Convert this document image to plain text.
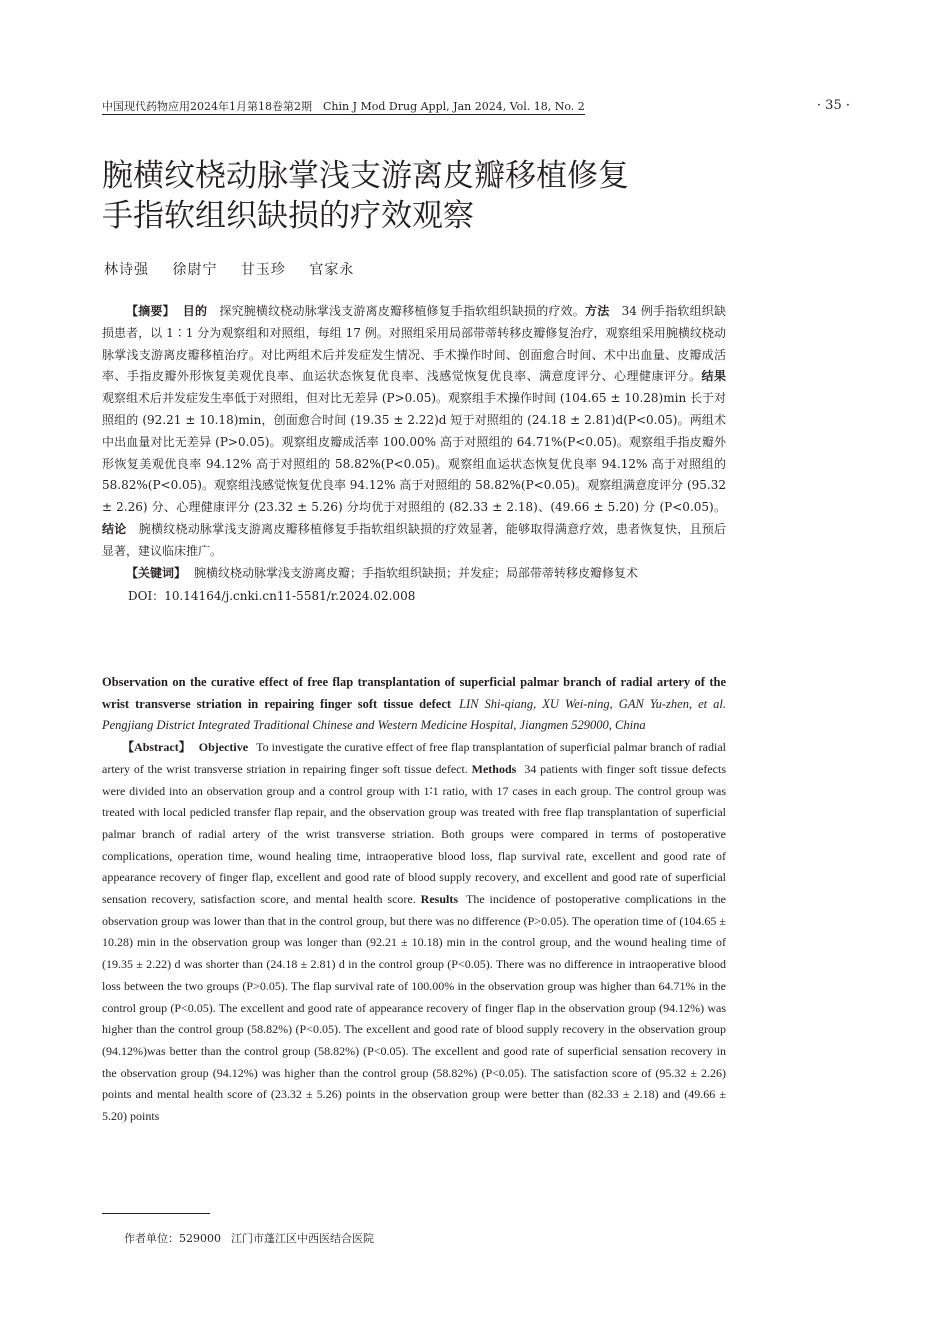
中国现代药物应用2024年1月第18卷第2期　Chin J Mod Drug Appl, Jan 2024, Vol. 18, No. 2	· 35 ·
腕横纹桡动脉掌浅支游离皮瓣移植修复
手指软组织缺损的疗效观察
林诗强 徐尉宁 甘玉珍 官家永

【摘要】 目的　 探究腕横纹桡动脉掌浅支游离皮瓣移植修复手指软组织缺损的疗效。方法　 34 例手指软组织缺损患者，以 1∶1 分为观察组和对照组，每组 17 例。对照组采用局部带蒂转移皮瓣修复治疗，观察组采用腕横纹桡动脉掌浅支游离皮瓣移植治疗。对比两组术后并发症发生情况、手术操作时间、创面愈合时间、术中出血量、皮瓣成活率、手指皮瓣外形恢复美观优良率、血运状态恢复优良率、浅感觉恢复优良率、满意度评分、心理健康评分。结果　观察组术后并发症发生率低于对照组，但对比无差异 (P>0.05)。观察组手术操作时间 (104.65 ± 10.28)min 长于对照组的 (92.21 ± 10.18)min，创面愈合时间 (19.35 ± 2.22)d 短于对照组的 (24.18 ± 2.81)d(P<0.05)。两组术中出血量对比无差异 (P>0.05)。观察组皮瓣成活率 100.00% 高于对照组的 64.71%(P<0.05)。观察组手指皮瓣外形恢复美观优良率 94.12% 高于对照组的 58.82%(P<0.05)。观察组血运状态恢复优良率 94.12% 高于对照组的 58.82%(P<0.05)。观察组浅感觉恢复优良率 94.12% 高于对照组的 58.82%(P<0.05)。观察组满意度评分 (95.32 ± 2.26) 分、心理健康评分 (23.32 ± 5.26) 分均优于对照组的 (82.33 ± 2.18)、(49.66 ± 5.20) 分 (P<0.05)。结论　 腕横纹桡动脉掌浅支游离皮瓣移植修复手指软组织缺损的疗效显著，能够取得满意疗效，患者恢复快，且预后显著，建议临床推广。

【关键词】 腕横纹桡动脉掌浅支游离皮瓣；手指软组织缺损；并发症；局部带蒂转移皮瓣修复术

DOI：10.14164/j.cnki.cn11-5581/r.2024.02.008

Observation on the curative effect of free flap transplantation of superficial palmar branch of radial artery of the wrist transverse striation in repairing finger soft tissue defect LIN Shi-qiang, XU Wei-ning, GAN Yu-zhen, et al. Pengjiang District Integrated Traditional Chinese and Western Medicine Hospital, Jiangmen 529000, China

【Abstract】 Objective To investigate the curative effect of free flap transplantation of superficial palmar branch of radial artery of the wrist transverse striation in repairing finger soft tissue defect. Methods 34 patients with finger soft tissue defects were divided into an observation group and a control group with 1∶1 ratio, with 17 cases in each group. The control group was treated with local pedicled transfer flap repair, and the observation group was treated with free flap transplantation of superficial palmar branch of radial artery of the wrist transverse striation. Both groups were compared in terms of postoperative complications, operation time, wound healing time, intraoperative blood loss, flap survival rate, excellent and good rate of appearance recovery of finger flap, excellent and good rate of blood supply recovery, and excellent and good rate of superficial sensation recovery, satisfaction score, and mental health score. Results The incidence of postoperative complications in the observation group was lower than that in the control group, but there was no difference (P>0.05). The operation time of (104.65 ± 10.28) min in the observation group was longer than (92.21 ± 10.18) min in the control group, and the wound healing time of (19.35 ± 2.22) d was shorter than (24.18 ± 2.81) d in the control group (P<0.05). There was no difference in intraoperative blood loss between the two groups (P>0.05). The flap survival rate of 100.00% in the observation group was higher than 64.71% in the control group (P<0.05). The excellent and good rate of appearance recovery of finger flap in the observation group (94.12%) was higher than the control group (58.82%) (P<0.05). The excellent and good rate of blood supply recovery in the observation group (94.12%)was better than the control group (58.82%) (P<0.05). The excellent and good rate of superficial sensation recovery in the observation group (94.12%) was higher than the control group (58.82%) (P<0.05). The satisfaction score of (95.32 ± 2.26) points and mental health score of (23.32 ± 5.26) points in the observation group were better than (82.33 ± 2.18) and (49.66 ± 5.20) points

作者单位：529000 江门市蓬江区中西医结合医院
